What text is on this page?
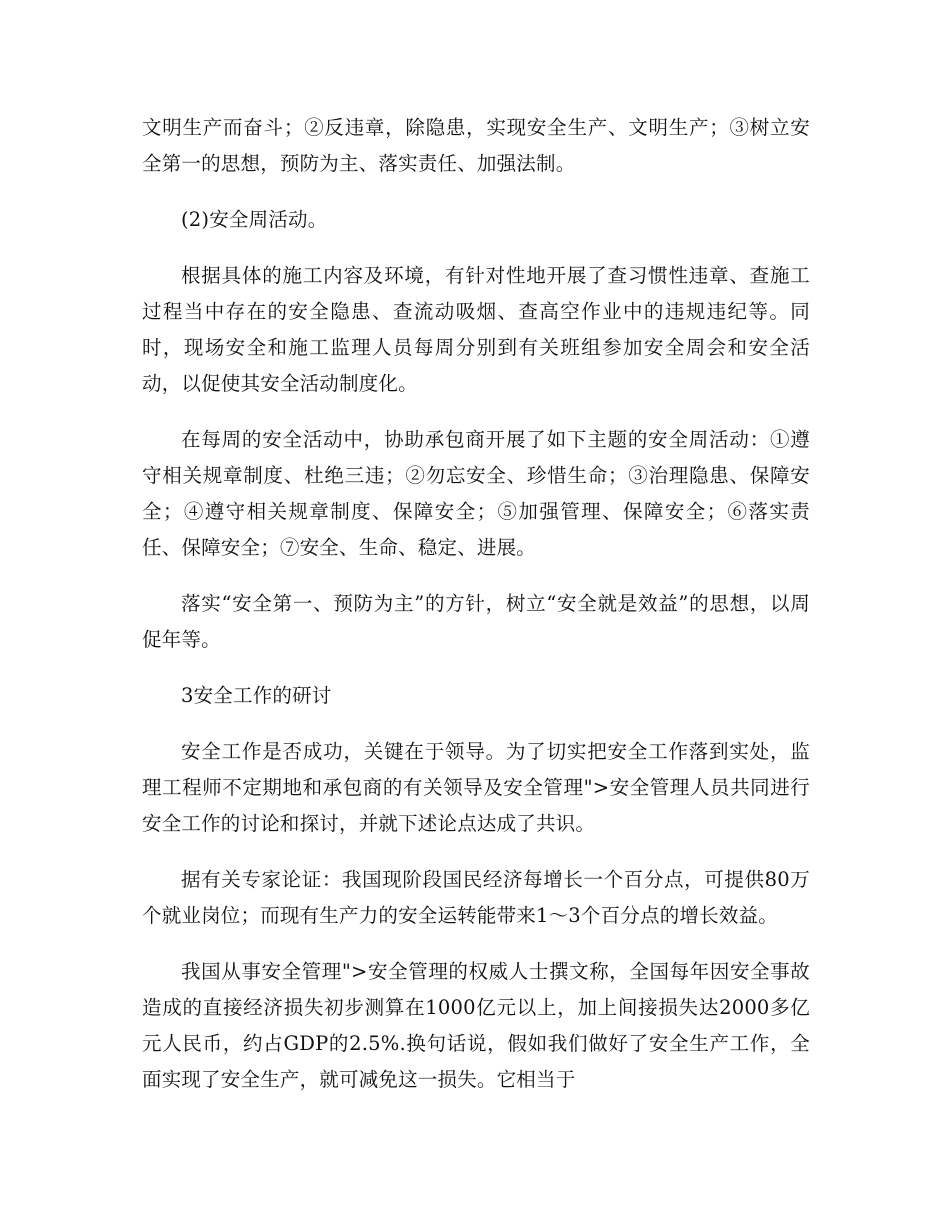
文明生产而奋斗；②反违章，除隐患，实现安全生产、文明生产；③树立安全第一的思想，预防为主、落实责任、加强法制。

(2)安全周活动。

根据具体的施工内容及环境，有针对性地开展了查习惯性违章、查施工过程当中存在的安全隐患、查流动吸烟、查高空作业中的违规违纪等。同时，现场安全和施工监理人员每周分别到有关班组参加安全周会和安全活动，以促使其安全活动制度化。

在每周的安全活动中，协助承包商开展了如下主题的安全周活动：①遵守相关规章制度、杜绝三违；②勿忘安全、珍惜生命；③治理隐患、保障安全；④遵守相关规章制度、保障安全；⑤加强管理、保障安全；⑥落实责任、保障安全；⑦安全、生命、稳定、进展。

落实“安全第一、预防为主”的方针，树立“安全就是效益”的思想，以周促年等。

3安全工作的研讨

安全工作是否成功，关键在于领导。为了切实把安全工作落到实处，监理工程师不定期地和承包商的有关领导及安全管理">安全管理人员共同进行安全工作的讨论和探讨，并就下述论点达成了共识。

据有关专家论证：我国现阶段国民经济每增长一个百分点，可提供80万个就业岗位；而现有生产力的安全运转能带来1～3个百分点的增长效益。

我国从事安全管理">安全管理的权威人士撰文称，全国每年因安全事故造成的直接经济损失初步测算在1000亿元以上，加上间接损失达2000多亿元人民币，约占GDP的2.5%.换句话说，假如我们做好了安全生产工作，全面实现了安全生产，就可减免这一损失。它相当于
